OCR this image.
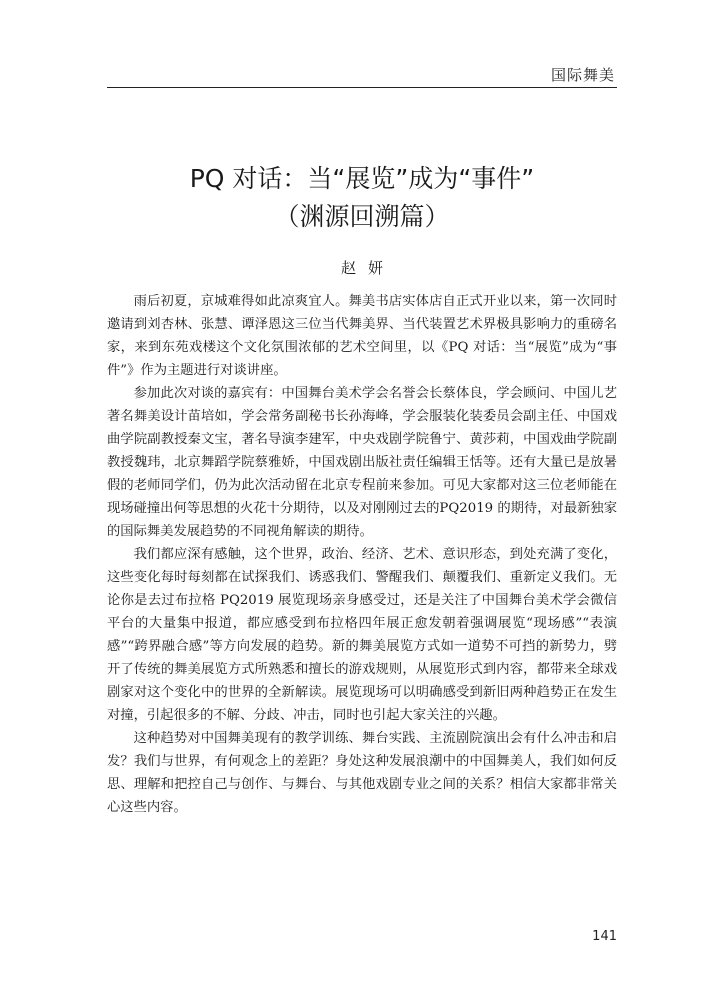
国际舞美
PQ 对话：当“展览”成为“事件”
（渊源回溯篇）
赵妍

雨后初夏，京城难得如此凉爽宜人。舞美书店实体店自正式开业以来，第一次同时邀请到刘杏林、张慧、谭泽恩这三位当代舞美界、当代装置艺术界极具影响力的重磅名家，来到东苑戏楼这个文化氛围浓郁的艺术空间里，以《PQ 对话：当“展览”成为“事件”》作为主题进行对谈讲座。

参加此次对谈的嘉宾有：中国舞台美术学会名誉会长蔡体良，学会顾问、中国儿艺著名舞美设计苗培如，学会常务副秘书长孙海峰，学会服装化装委员会副主任、中国戏曲学院副教授秦文宝，著名导演李建军，中央戏剧学院鲁宁、黄莎莉，中国戏曲学院副教授魏玮，北京舞蹈学院蔡雅娇，中国戏剧出版社责任编辑王恬等。还有大量已是放暑假的老师同学们，仍为此次活动留在北京专程前来参加。可见大家都对这三位老师能在现场碰撞出何等思想的火花十分期待，以及对刚刚过去的PQ2019 的期待，对最新独家的国际舞美发展趋势的不同视角解读的期待。

我们都应深有感触，这个世界，政治、经济、艺术、意识形态，到处充满了变化，这些变化每时每刻都在试探我们、诱惑我们、警醒我们、颠覆我们、重新定义我们。无论你是去过布拉格 PQ2019 展览现场亲身感受过，还是关注了中国舞台美术学会微信平台的大量集中报道，都应感受到布拉格四年展正愈发朝着强调展览“现场感”“表演感”“跨界融合感”等方向发展的趋势。新的舞美展览方式如一道势不可挡的新势力，劈开了传统的舞美展览方式所熟悉和擅长的游戏规则，从展览形式到内容，都带来全球戏剧家对这个变化中的世界的全新解读。展览现场可以明确感受到新旧两种趋势正在发生对撞，引起很多的不解、分歧、冲击，同时也引起大家关注的兴趣。

这种趋势对中国舞美现有的教学训练、舞台实践、主流剧院演出会有什么冲击和启发？我们与世界，有何观念上的差距？身处这种发展浪潮中的中国舞美人，我们如何反思、理解和把控自己与创作、与舞台、与其他戏剧专业之间的关系？相信大家都非常关心这些内容。

141
